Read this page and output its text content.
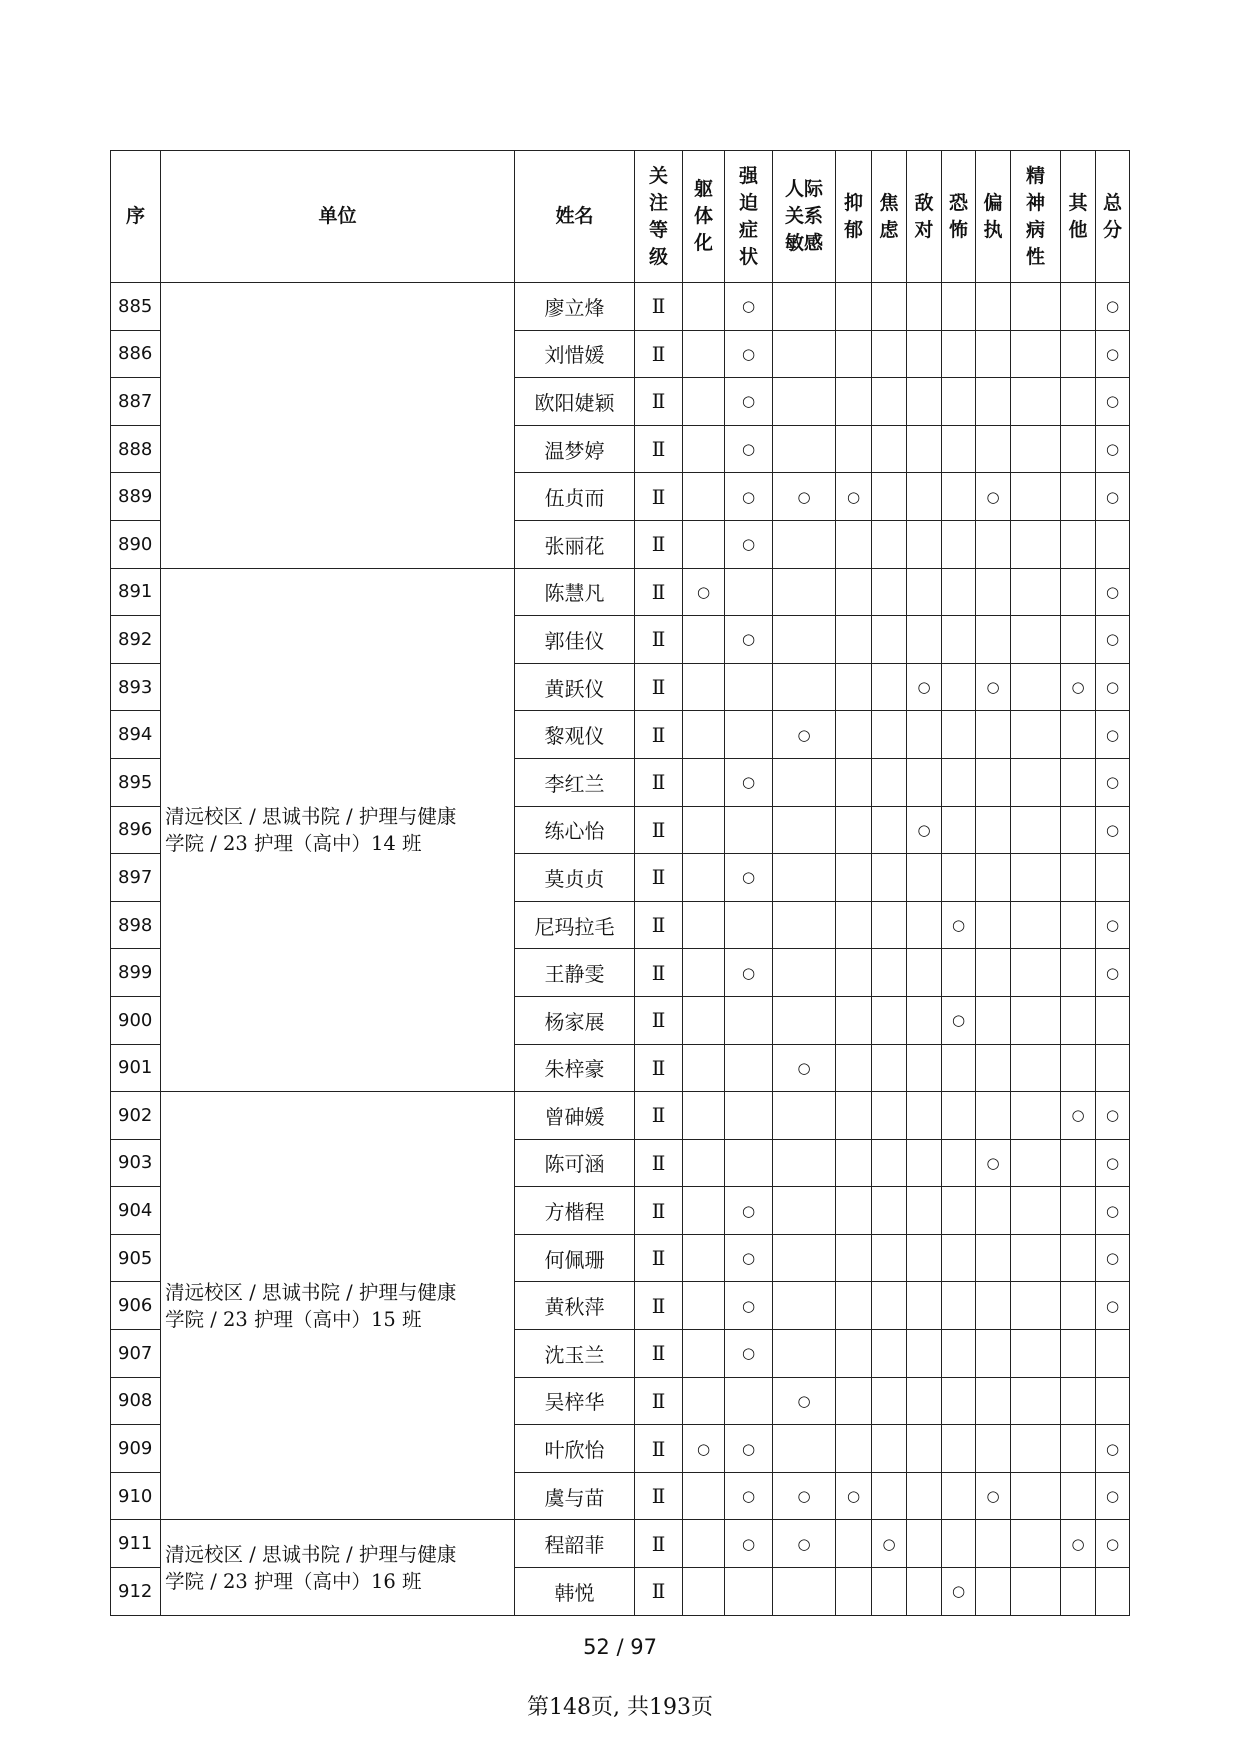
序	单位	姓名	关
注
等
级	躯
体
化	强
迫
症
状	人际
关系
敏感	抑
郁	焦
虑	敌
对	恐
怖	偏
执	精
神
病
性	其
他	总
分
885		廖立烽	Ⅱ		○									○
886		刘惜媛	Ⅱ		○									○
887		欧阳婕颖	Ⅱ		○									○
888		温梦婷	Ⅱ		○									○
889		伍贞而	Ⅱ		○	○	○				○			○
890		张丽花	Ⅱ		○									
891	清远校区 / 思诚书院 / 护理与健康
学院 / 23 护理（高中）14 班	陈慧凡	Ⅱ	○										○
892		郭佳仪	Ⅱ		○									○
893		黄跃仪	Ⅱ						○		○		○	○
894		黎观仪	Ⅱ			○								○
895		李红兰	Ⅱ		○									○
896		练心怡	Ⅱ						○					○
897		莫贞贞	Ⅱ		○									
898		尼玛拉毛	Ⅱ							○				○
899		王静雯	Ⅱ		○									○
900		杨家展	Ⅱ							○				
901		朱梓豪	Ⅱ			○								
902	清远校区 / 思诚书院 / 护理与健康
学院 / 23 护理（高中）15 班	曾砷媛	Ⅱ										○	○
903		陈可涵	Ⅱ								○			○
904		方楷程	Ⅱ		○									○
905		何佩珊	Ⅱ		○									○
906		黄秋萍	Ⅱ		○									○
907		沈玉兰	Ⅱ		○									
908		吴梓华	Ⅱ			○								
909		叶欣怡	Ⅱ	○	○									○
910		虞与苗	Ⅱ		○	○	○				○			○
911	清远校区 / 思诚书院 / 护理与健康
学院 / 23 护理（高中）16 班	程韶菲	Ⅱ		○	○		○					○	○
912		韩悦	Ⅱ							○				
52 / 97
第148页, 共193页
